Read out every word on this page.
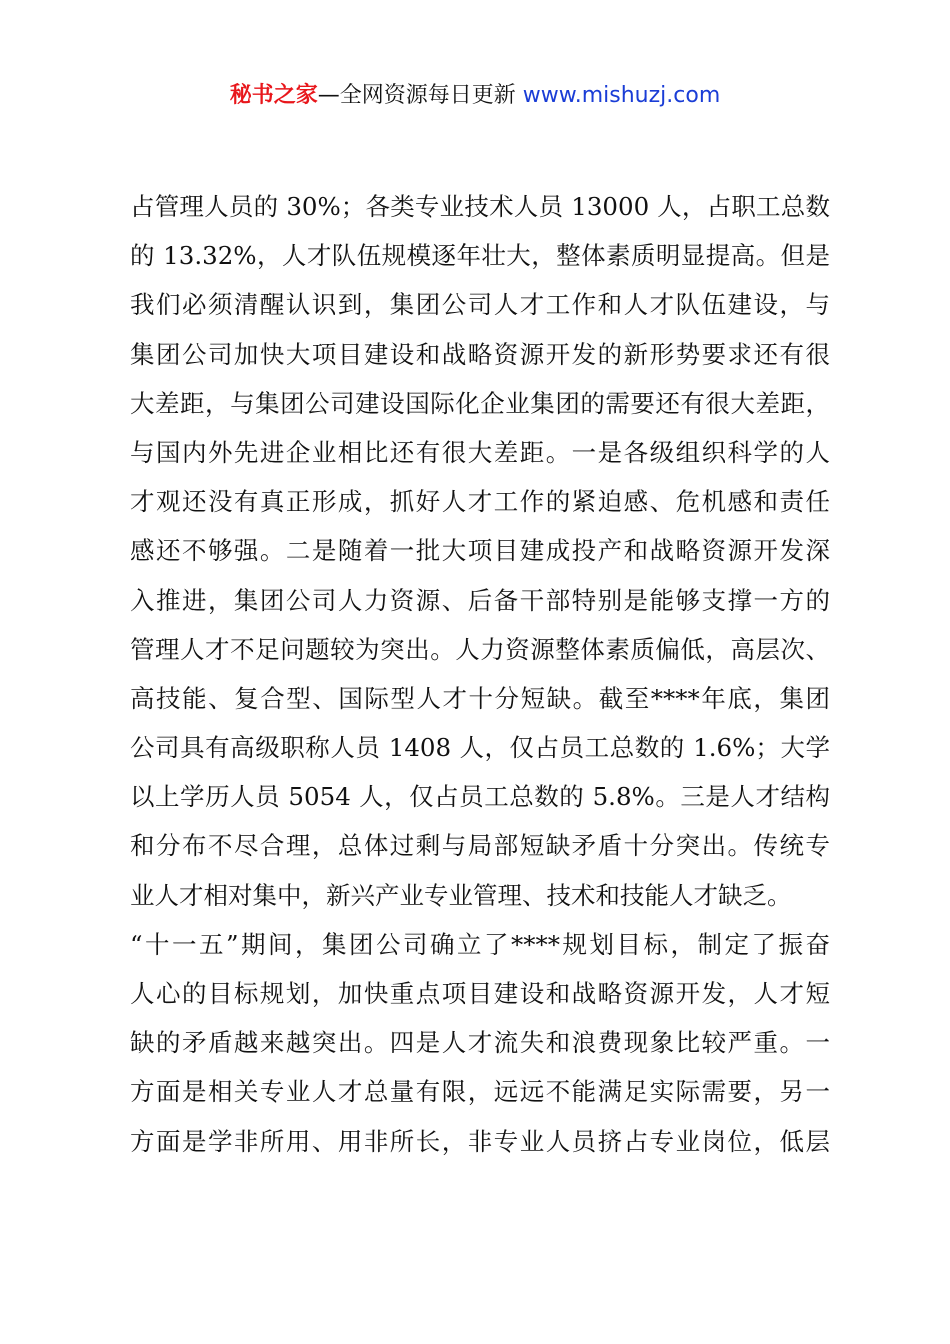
秘书之家—全网资源每日更新 www.mishuzj.com
占管理人员的 30%；各类专业技术人员 13000 人，占职工总数
的 13.32%，人才队伍规模逐年壮大，整体素质明显提高。但是
我们必须清醒认识到，集团公司人才工作和人才队伍建设，与
集团公司加快大项目建设和战略资源开发的新形势要求还有很
大差距，与集团公司建设国际化企业集团的需要还有很大差距，
与国内外先进企业相比还有很大差距。一是各级组织科学的人
才观还没有真正形成，抓好人才工作的紧迫感、危机感和责任
感还不够强。二是随着一批大项目建成投产和战略资源开发深
入推进，集团公司人力资源、后备干部特别是能够支撑一方的
管理人才不足问题较为突出。人力资源整体素质偏低，高层次、
高技能、复合型、国际型人才十分短缺。截至****年底，集团
公司具有高级职称人员 1408 人，仅占员工总数的 1.6%；大学
以上学历人员 5054 人，仅占员工总数的 5.8%。三是人才结构
和分布不尽合理，总体过剩与局部短缺矛盾十分突出。传统专
业人才相对集中，新兴产业专业管理、技术和技能人才缺乏。
“十一五”期间，集团公司确立了****规划目标，制定了振奋
人心的目标规划，加快重点项目建设和战略资源开发，人才短
缺的矛盾越来越突出。四是人才流失和浪费现象比较严重。一
方面是相关专业人才总量有限，远远不能满足实际需要，另一
方面是学非所用、用非所长，非专业人员挤占专业岗位，低层
